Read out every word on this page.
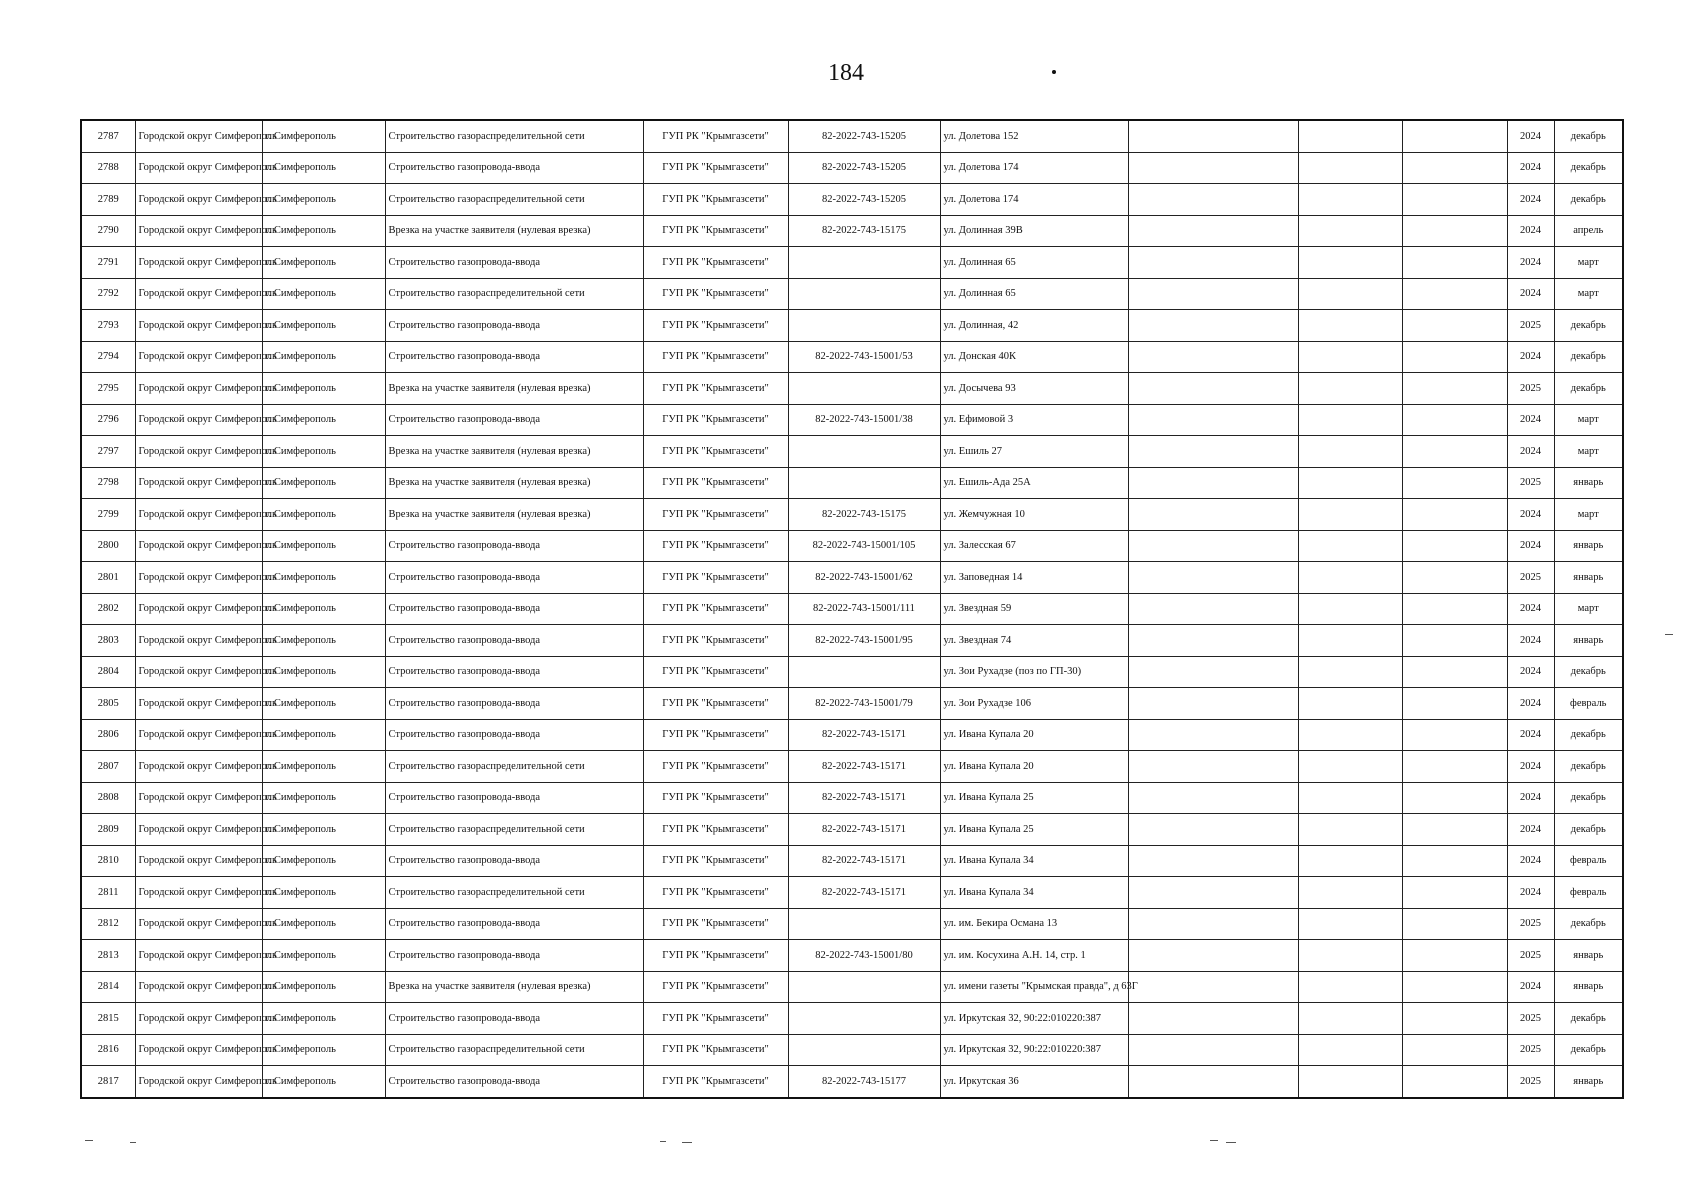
184
2787	Городской округ Симферополь	г. Симферополь	Строительство газораспределительной сети	ГУП РК "Крымгазсети"	82-2022-743-15205	ул. Долетова 152				2024	декабрь
2788	Городской округ Симферополь	г. Симферополь	Строительство газопровода-ввода	ГУП РК "Крымгазсети"	82-2022-743-15205	ул. Долетова 174				2024	декабрь
2789	Городской округ Симферополь	г. Симферополь	Строительство газораспределительной сети	ГУП РК "Крымгазсети"	82-2022-743-15205	ул. Долетова 174				2024	декабрь
2790	Городской округ Симферополь	г. Симферополь	Врезка на участке заявителя (нулевая врезка)	ГУП РК "Крымгазсети"	82-2022-743-15175	ул. Долинная 39В				2024	апрель
2791	Городской округ Симферополь	г. Симферополь	Строительство газопровода-ввода	ГУП РК "Крымгазсети"		ул. Долинная 65				2024	март
2792	Городской округ Симферополь	г. Симферополь	Строительство газораспределительной сети	ГУП РК "Крымгазсети"		ул. Долинная 65				2024	март
2793	Городской округ Симферополь	г. Симферополь	Строительство газопровода-ввода	ГУП РК "Крымгазсети"		ул. Долинная, 42				2025	декабрь
2794	Городской округ Симферополь	г. Симферополь	Строительство газопровода-ввода	ГУП РК "Крымгазсети"	82-2022-743-15001/53	ул. Донская 40К				2024	декабрь
2795	Городской округ Симферополь	г. Симферополь	Врезка на участке заявителя (нулевая врезка)	ГУП РК "Крымгазсети"		ул. Досычева 93				2025	декабрь
2796	Городской округ Симферополь	г. Симферополь	Строительство газопровода-ввода	ГУП РК "Крымгазсети"	82-2022-743-15001/38	ул. Ефимовой 3				2024	март
2797	Городской округ Симферополь	г. Симферополь	Врезка на участке заявителя (нулевая врезка)	ГУП РК "Крымгазсети"		ул. Ешиль 27				2024	март
2798	Городской округ Симферополь	г. Симферополь	Врезка на участке заявителя (нулевая врезка)	ГУП РК "Крымгазсети"		ул. Ешиль-Ада 25А				2025	январь
2799	Городской округ Симферополь	г. Симферополь	Врезка на участке заявителя (нулевая врезка)	ГУП РК "Крымгазсети"	82-2022-743-15175	ул. Жемчужная 10				2024	март
2800	Городской округ Симферополь	г. Симферополь	Строительство газопровода-ввода	ГУП РК "Крымгазсети"	82-2022-743-15001/105	ул. Залесская 67				2024	январь
2801	Городской округ Симферополь	г. Симферополь	Строительство газопровода-ввода	ГУП РК "Крымгазсети"	82-2022-743-15001/62	ул. Заповедная 14				2025	январь
2802	Городской округ Симферополь	г. Симферополь	Строительство газопровода-ввода	ГУП РК "Крымгазсети"	82-2022-743-15001/111	ул. Звездная 59				2024	март
2803	Городской округ Симферополь	г. Симферополь	Строительство газопровода-ввода	ГУП РК "Крымгазсети"	82-2022-743-15001/95	ул. Звездная 74				2024	январь
2804	Городской округ Симферополь	г. Симферополь	Строительство газопровода-ввода	ГУП РК "Крымгазсети"		ул. Зои Рухадзе (поз по ГП-30)				2024	декабрь
2805	Городской округ Симферополь	г. Симферополь	Строительство газопровода-ввода	ГУП РК "Крымгазсети"	82-2022-743-15001/79	ул. Зои Рухадзе 106				2024	февраль
2806	Городской округ Симферополь	г. Симферополь	Строительство газопровода-ввода	ГУП РК "Крымгазсети"	82-2022-743-15171	ул. Ивана Купала 20				2024	декабрь
2807	Городской округ Симферополь	г. Симферополь	Строительство газораспределительной сети	ГУП РК "Крымгазсети"	82-2022-743-15171	ул. Ивана Купала 20				2024	декабрь
2808	Городской округ Симферополь	г. Симферополь	Строительство газопровода-ввода	ГУП РК "Крымгазсети"	82-2022-743-15171	ул. Ивана Купала 25				2024	декабрь
2809	Городской округ Симферополь	г. Симферополь	Строительство газораспределительной сети	ГУП РК "Крымгазсети"	82-2022-743-15171	ул. Ивана Купала 25				2024	декабрь
2810	Городской округ Симферополь	г. Симферополь	Строительство газопровода-ввода	ГУП РК "Крымгазсети"	82-2022-743-15171	ул. Ивана Купала 34				2024	февраль
2811	Городской округ Симферополь	г. Симферополь	Строительство газораспределительной сети	ГУП РК "Крымгазсети"	82-2022-743-15171	ул. Ивана Купала 34				2024	февраль
2812	Городской округ Симферополь	г. Симферополь	Строительство газопровода-ввода	ГУП РК "Крымгазсети"		ул. им. Бекира Османа 13				2025	декабрь
2813	Городской округ Симферополь	г. Симферополь	Строительство газопровода-ввода	ГУП РК "Крымгазсети"	82-2022-743-15001/80	ул. им. Косухина А.Н. 14, стр. 1				2025	январь
2814	Городской округ Симферополь	г. Симферополь	Врезка на участке заявителя (нулевая врезка)	ГУП РК "Крымгазсети"		ул. имени газеты "Крымская правда", д 63Г				2024	январь
2815	Городской округ Симферополь	г. Симферополь	Строительство газопровода-ввода	ГУП РК "Крымгазсети"		ул. Иркутская 32, 90:22:010220:387				2025	декабрь
2816	Городской округ Симферополь	г. Симферополь	Строительство газораспределительной сети	ГУП РК "Крымгазсети"		ул. Иркутская 32, 90:22:010220:387				2025	декабрь
2817	Городской округ Симферополь	г. Симферополь	Строительство газопровода-ввода	ГУП РК "Крымгазсети"	82-2022-743-15177	ул. Иркутская 36				2025	январь
